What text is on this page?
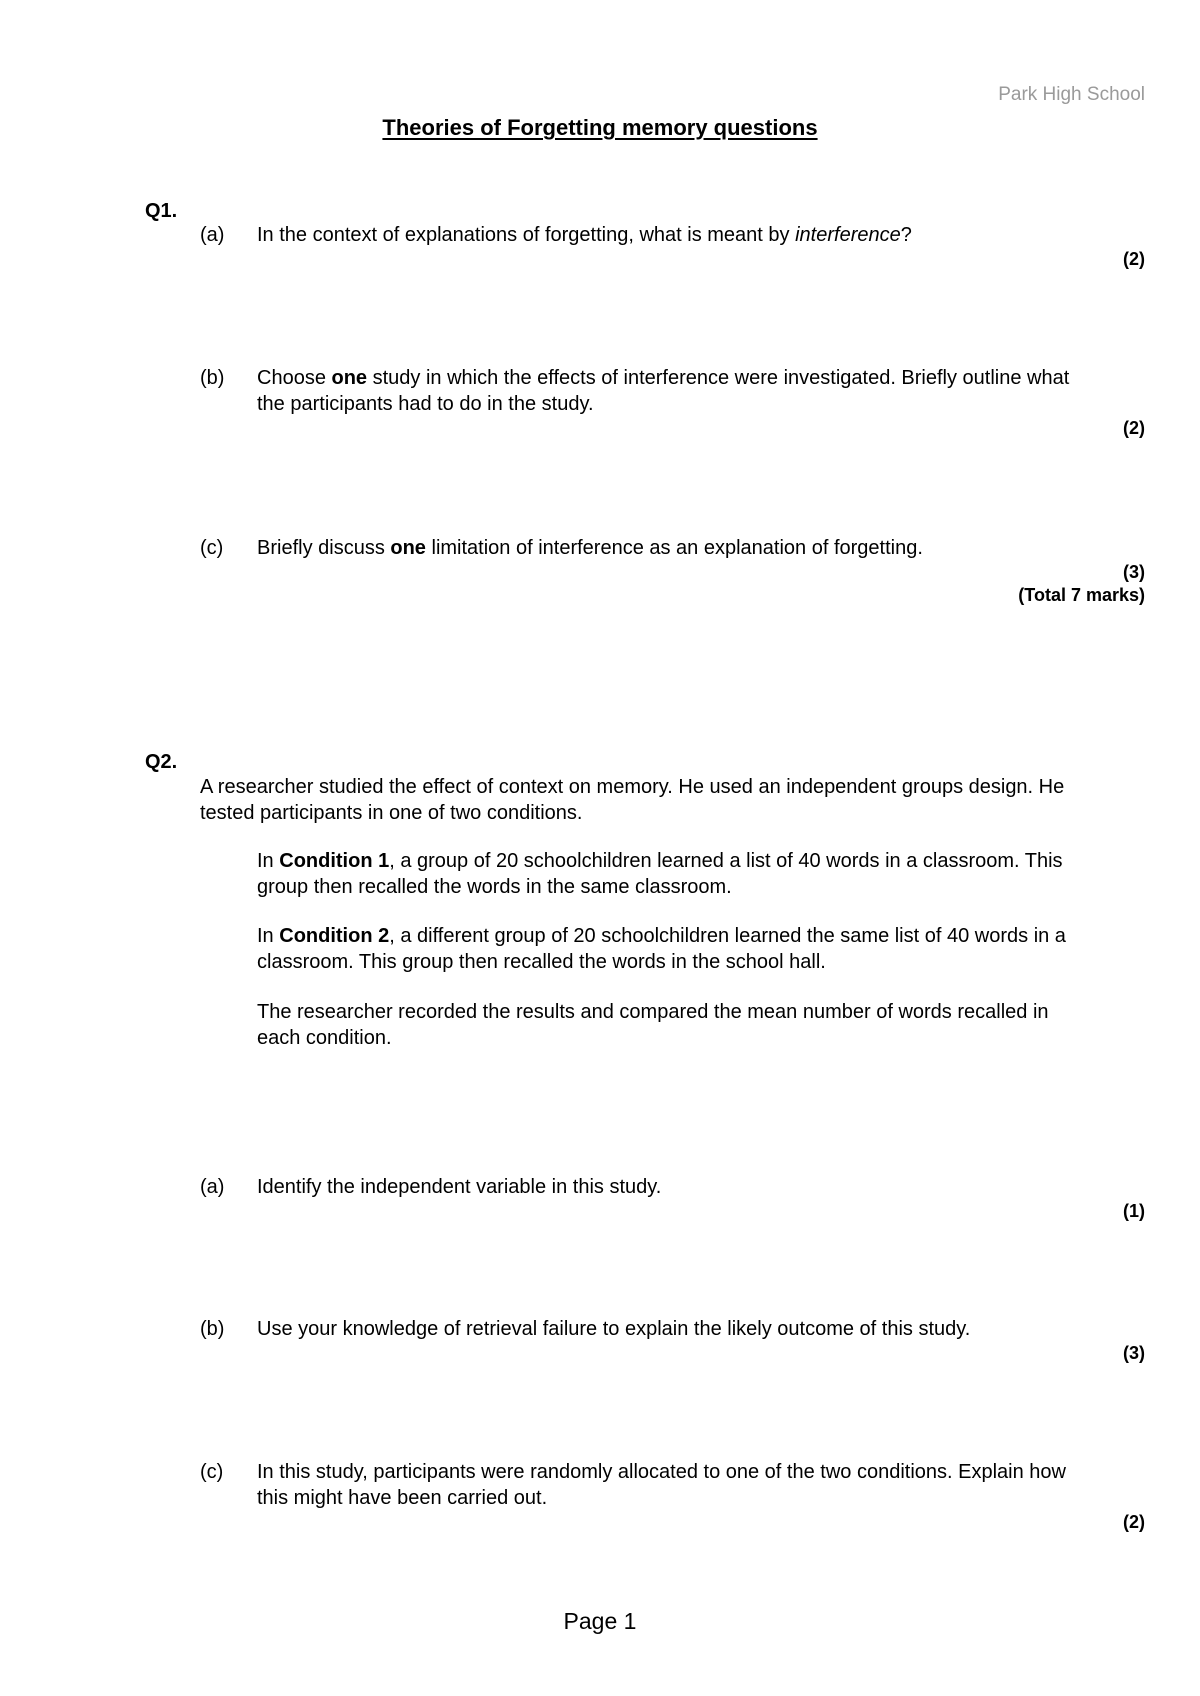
Park High School
Theories of Forgetting memory questions
Q1.
(a) In the context of explanations of forgetting, what is meant by interference?
(2)
(b) Choose one study in which the effects of interference were investigated. Briefly outline what the participants had to do in the study.
(2)
(c) Briefly discuss one limitation of interference as an explanation of forgetting.
(3)
(Total 7 marks)
Q2.
A researcher studied the effect of context on memory. He used an independent groups design. He tested participants in one of two conditions.
In Condition 1, a group of 20 schoolchildren learned a list of 40 words in a classroom. This group then recalled the words in the same classroom.
In Condition 2, a different group of 20 schoolchildren learned the same list of 40 words in a classroom. This group then recalled the words in the school hall.
The researcher recorded the results and compared the mean number of words recalled in each condition.
(a) Identify the independent variable in this study.
(1)
(b) Use your knowledge of retrieval failure to explain the likely outcome of this study.
(3)
(c) In this study, participants were randomly allocated to one of the two conditions. Explain how this might have been carried out.
(2)
Page 1
